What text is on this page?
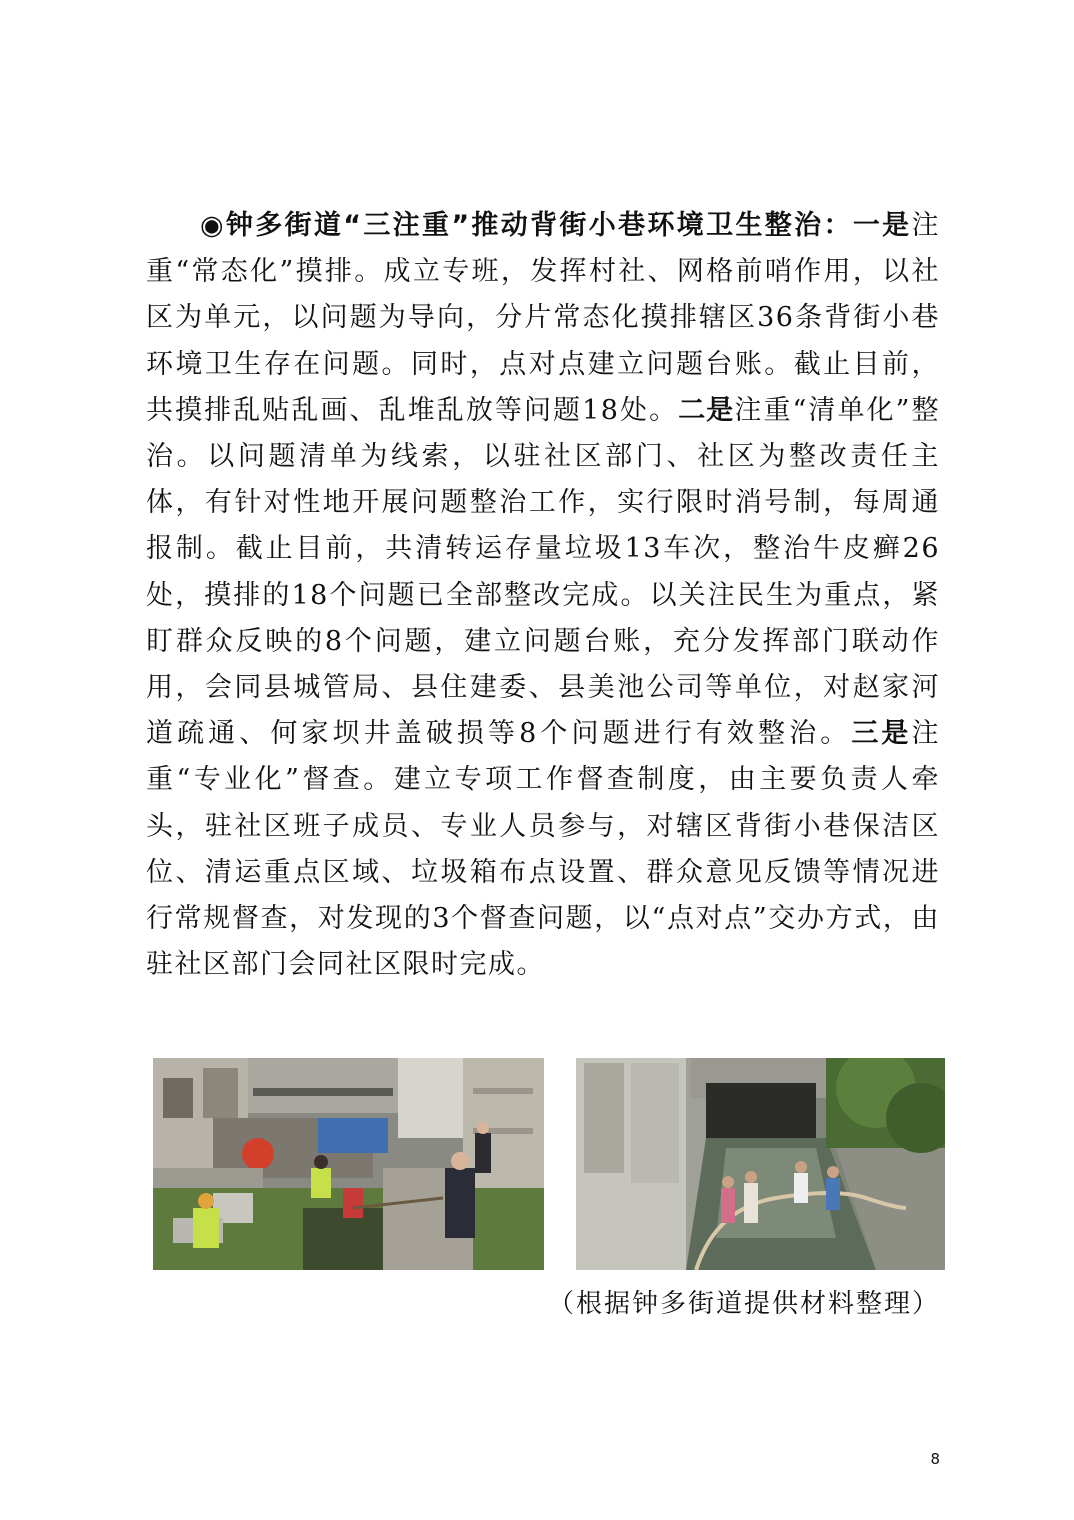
◉钟多街道“三注重”推动背街小巷环境卫生整治：一是注重“常态化”摸排。成立专班，发挥村社、网格前哨作用，以社区为单元，以问题为导向，分片常态化摸排辖区36条背街小巷环境卫生存在问题。同时，点对点建立问题台账。截止目前，共摸排乱贴乱画、乱堆乱放等问题18处。二是注重“清单化”整治。以问题清单为线索，以驻社区部门、社区为整改责任主体，有针对性地开展问题整治工作，实行限时消号制，每周通报制。截止目前，共清转运存量垃圾13车次，整治牛皮癣26处，摸排的18个问题已全部整改完成。以关注民生为重点，紧盯群众反映的8个问题，建立问题台账，充分发挥部门联动作用，会同县城管局、县住建委、县美池公司等单位，对赵家河道疏通、何家坝井盖破损等8个问题进行有效整治。三是注重“专业化”督查。建立专项工作督查制度，由主要负责人牵头，驻社区班子成员、专业人员参与，对辖区背街小巷保洁区位、清运重点区域、垃圾箱布点设置、群众意见反馈等情况进行常规督查，对发现的3个督查问题，以“点对点”交办方式，由驻社区部门会同社区限时完成。

（根据钟多街道提供材料整理）
8
